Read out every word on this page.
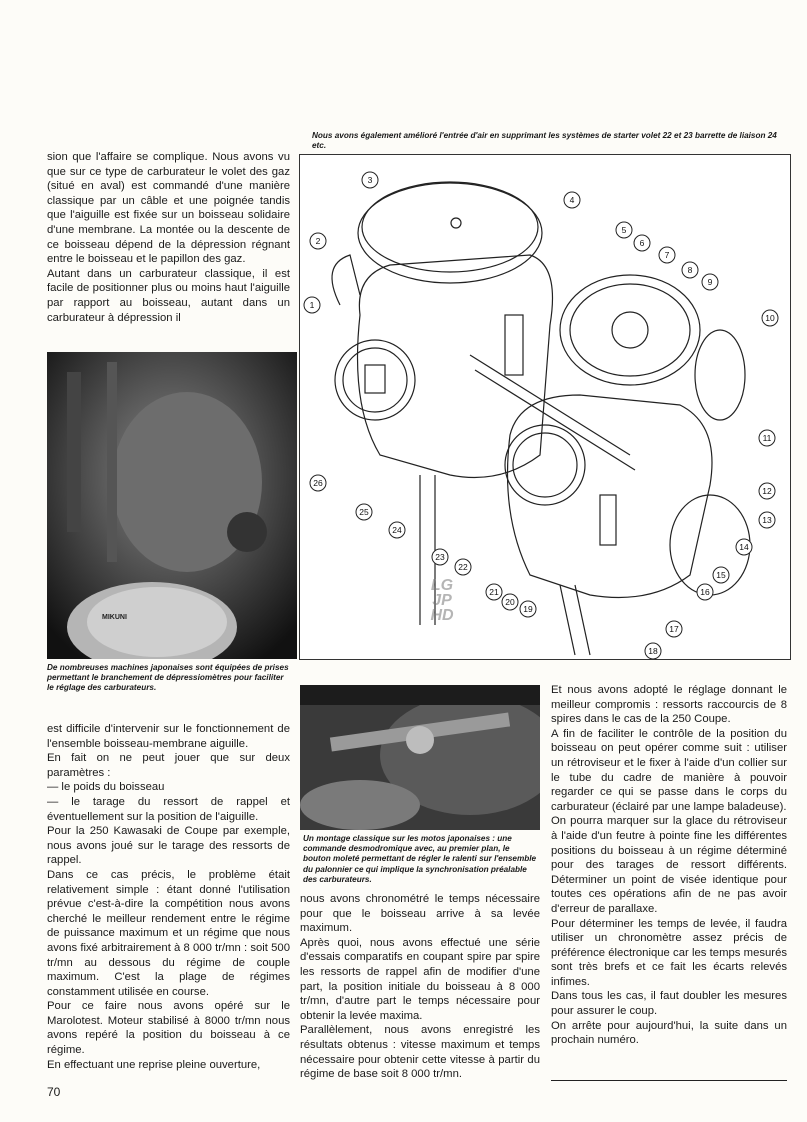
Nous avons également amélioré l'entrée d'air en supprimant les systèmes de starter volet 22 et 23 barrette de liaison 24 etc.
3
4
5
6
7
8
9
10
2
1
11
12
13
14
15
16
17
18
19
20
21
22
23
24
25
26

sion que l'affaire se complique. Nous avons vu que sur ce type de carburateur le volet des gaz (situé en aval) est commandé d'une manière classique par un câble et une poignée tandis que l'aiguille est fixée sur un boisseau solidaire d'une membrane. La montée ou la descente de ce boisseau dépend de la dépression régnant entre le boisseau et le papillon des gaz.

Autant dans un carburateur classique, il est facile de positionner plus ou moins haut l'aiguille par rapport au boisseau, autant dans un carburateur à dépression il

MIKUNI
De nombreuses machines japonaises sont équipées de prises permettant le branchement de dépressiomètres pour faciliter le réglage des carburateurs.

est difficile d'intervenir sur le fonctionnement de l'ensemble boisseau-membrane aiguille.

En fait on ne peut jouer que sur deux paramètres :

— le poids du boisseau

— le tarage du ressort de rappel et éventuellement sur la position de l'aiguille.

Pour la 250 Kawasaki de Coupe par exemple, nous avons joué sur le tarage des ressorts de rappel.

Dans ce cas précis, le problème était relativement simple : étant donné l'utilisation prévue c'est-à-dire la compétition nous avons cherché le meilleur rendement entre le régime de puissance maximum et un régime que nous avons fixé arbitrairement à 8 000 tr/mn : soit 500 tr/mn au dessous du régime de couple maximum. C'est la plage de régimes constamment utilisée en course.

Pour ce faire nous avons opéré sur le Marolotest. Moteur stabilisé à 8000 tr/mn nous avons repéré la position du boisseau à ce régime.

En effectuant une reprise pleine ouverture,

Un montage classique sur les motos japonaises : une commande desmodromique avec, au premier plan, le bouton moleté permettant de régler le ralenti sur l'ensemble du palonnier ce qui implique la synchronisation préalable des carburateurs.

nous avons chronométré le temps nécessaire pour que le boisseau arrive à sa levée maximum.

Après quoi, nous avons effectué une série d'essais comparatifs en coupant spire par spire les ressorts de rappel afin de modifier d'une part, la position initiale du boisseau à 8 000 tr/mn, d'autre part le temps nécessaire pour obtenir la levée maxima.

Parallèlement, nous avons enregistré les résultats obtenus : vitesse maximum et temps nécessaire pour obtenir cette vitesse à partir du régime de base soit 8 000 tr/mn.

Et nous avons adopté le réglage donnant le meilleur compromis : ressorts raccourcis de 8 spires dans le cas de la 250 Coupe.

A fin de faciliter le contrôle de la position du boisseau on peut opérer comme suit : utiliser un rétroviseur et le fixer à l'aide d'un collier sur le tube du cadre de manière à pouvoir regarder ce qui se passe dans le corps du carburateur (éclairé par une lampe baladeuse).

On pourra marquer sur la glace du rétroviseur à l'aide d'un feutre à pointe fine les différentes positions du boisseau à un régime déterminé pour des tarages de ressort différents. Déterminer un point de visée identique pour toutes ces opérations afin de ne pas avoir d'erreur de parallaxe.

Pour déterminer les temps de levée, il faudra utiliser un chronomètre assez précis de préférence électronique car les temps mesurés sont très brefs et ce fait les écarts relevés infimes.

Dans tous les cas, il faut doubler les mesures pour assurer le coup.

On arrête pour aujourd'hui, la suite dans un prochain numéro.

LG
JP
HD
70
